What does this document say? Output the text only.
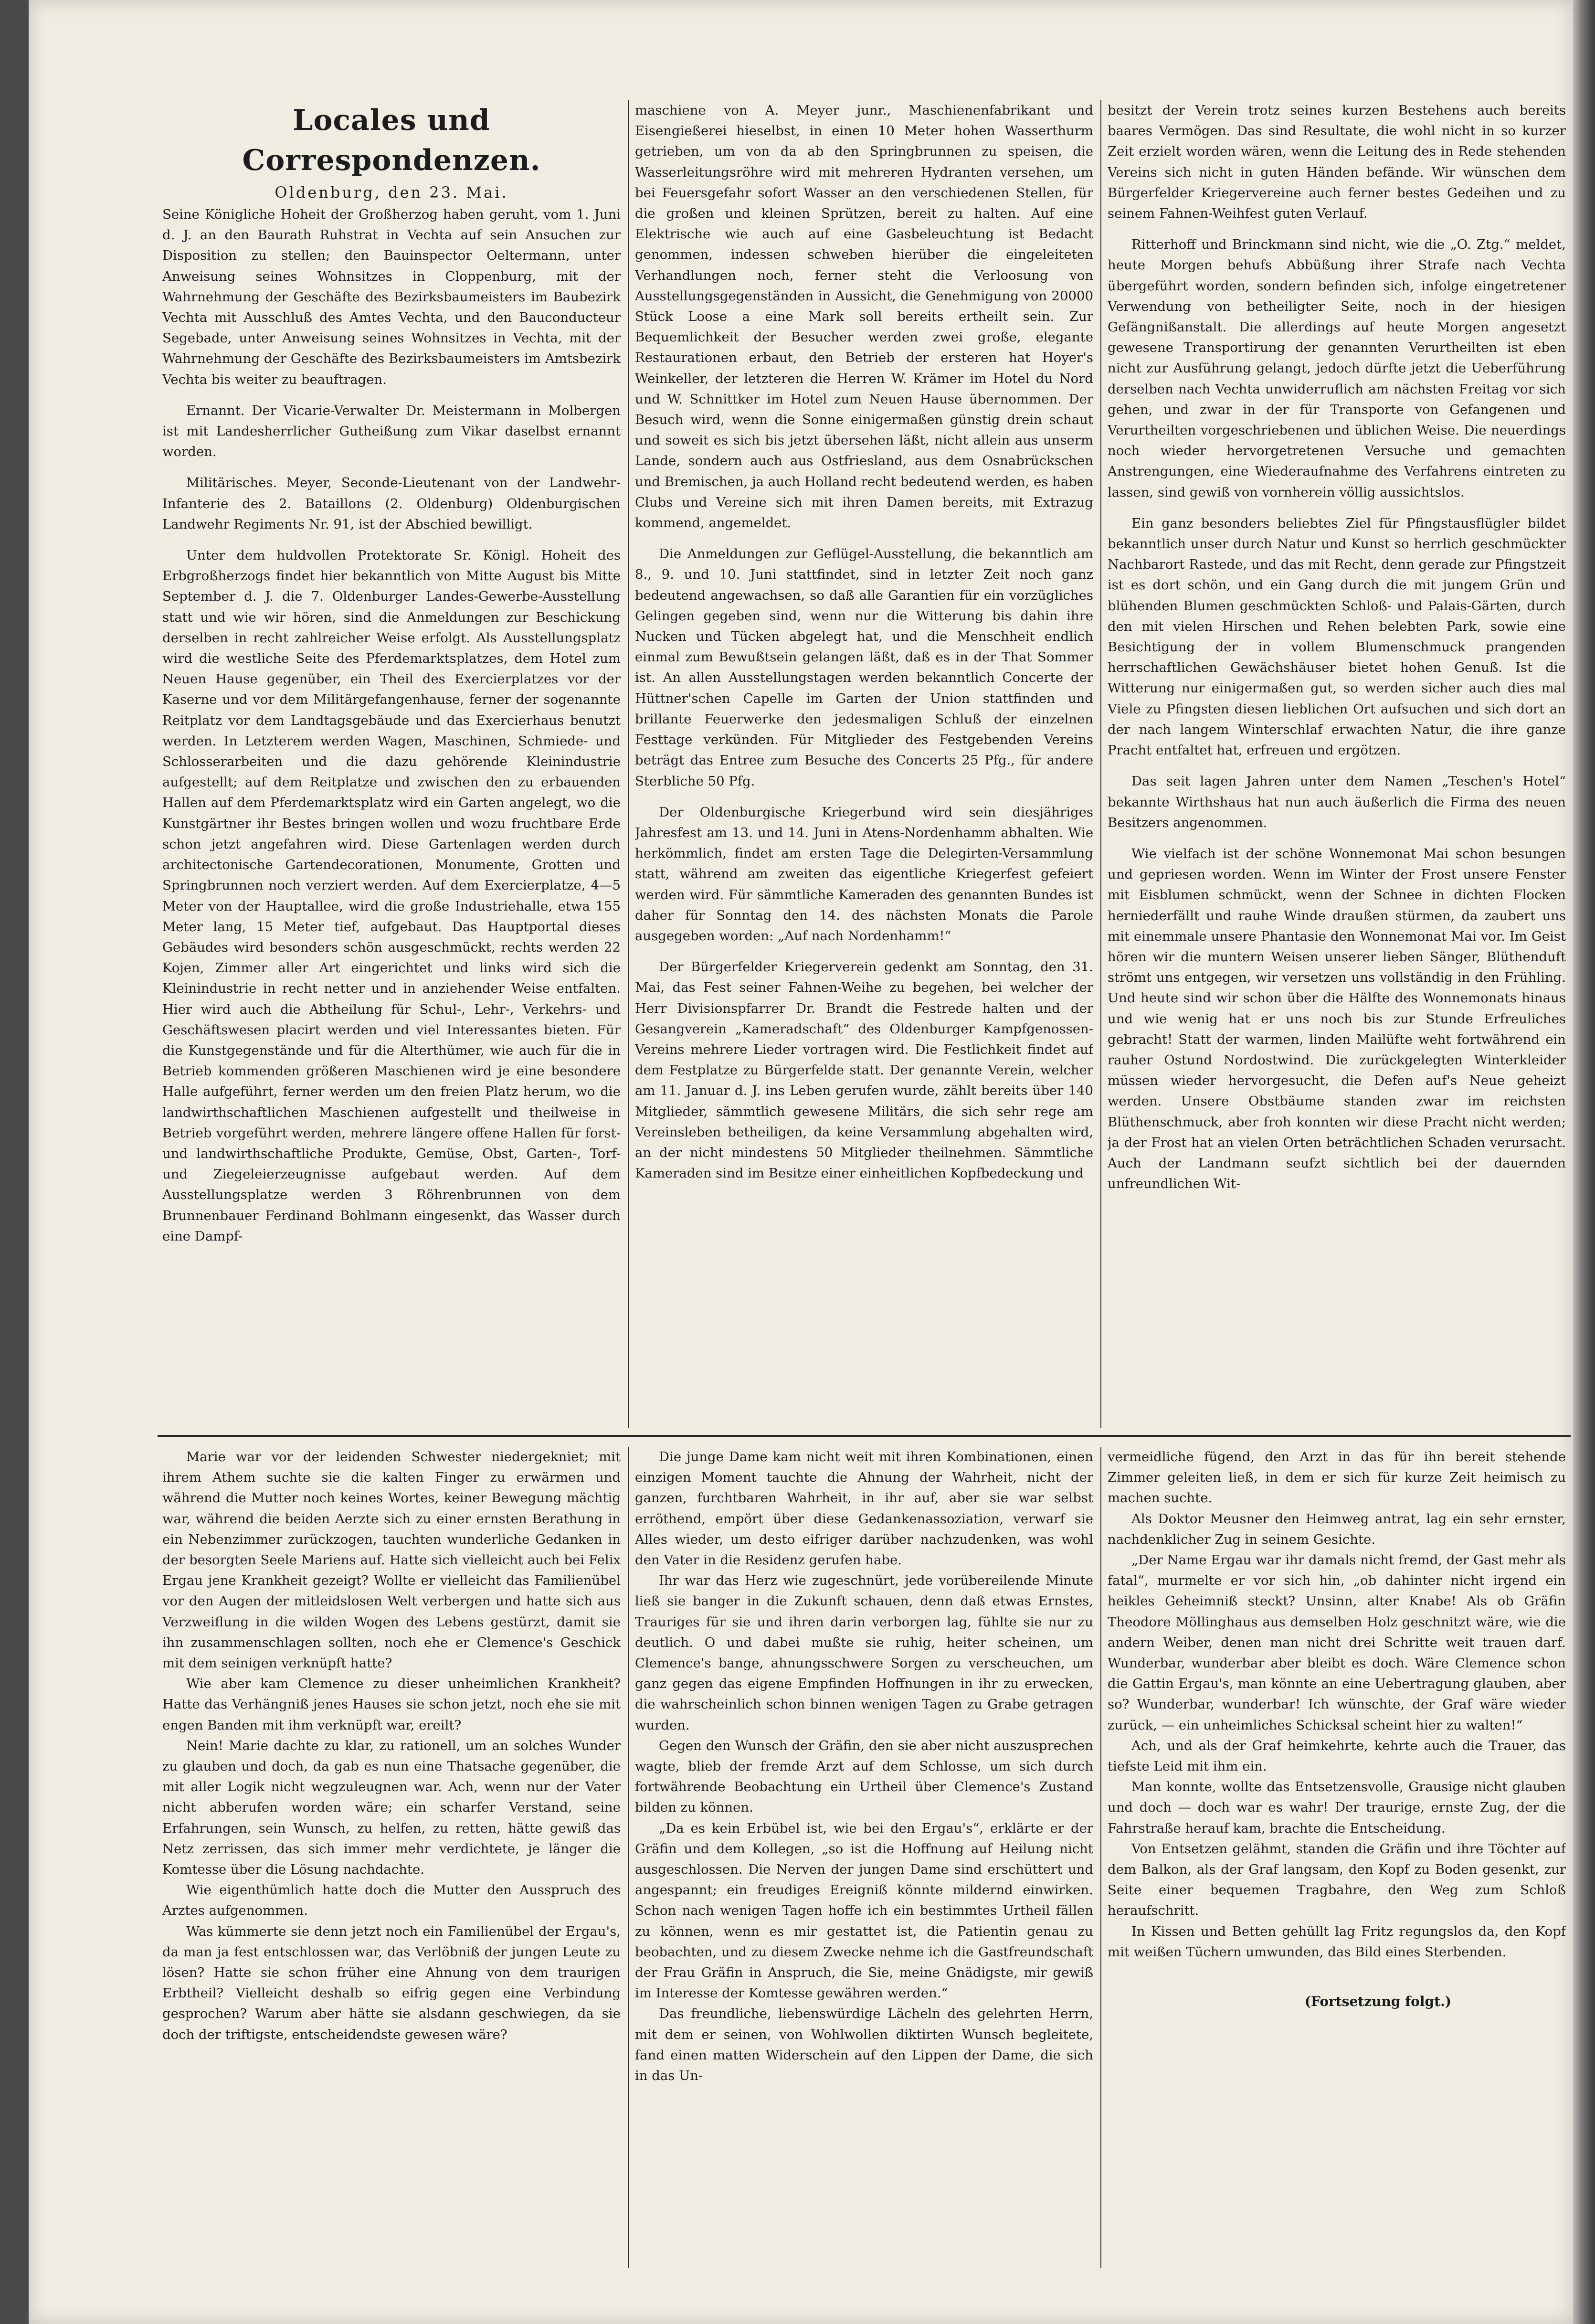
Locales und Correspondenzen.
Oldenburg, den 23. Mai.

Seine Königliche Hoheit der Großherzog haben geruht, vom 1. Juni d. J. an den Baurath Ruhstrat in Vechta auf sein Ansuchen zur Disposition zu stellen; den Bauinspector Oeltermann, unter Anweisung seines Wohnsitzes in Cloppenburg, mit der Wahrnehmung der Geschäfte des Bezirksbaumeisters im Baubezirk Vechta mit Ausschluß des Amtes Vechta, und den Bauconducteur Segebade, unter Anweisung seines Wohnsitzes in Vechta, mit der Wahrnehmung der Geschäfte des Bezirksbaumeisters im Amtsbezirk Vechta bis weiter zu beauftragen.

Ernannt. Der Vicarie-Verwalter Dr. Meistermann in Molbergen ist mit Landesherrlicher Gutheißung zum Vikar daselbst ernannt worden.

Militärisches. Meyer, Seconde-Lieutenant von der Landwehr-Infanterie des 2. Bataillons (2. Oldenburg) Oldenburgischen Landwehr Regiments Nr. 91, ist der Abschied bewilligt.

Unter dem huldvollen Protektorate Sr. Königl. Hoheit des Erbgroßherzogs findet hier bekanntlich von Mitte August bis Mitte September d. J. die 7. Oldenburger Landes-Gewerbe-Ausstellung statt und wie wir hören, sind die Anmeldungen zur Beschickung derselben in recht zahlreicher Weise erfolgt. Als Ausstellungsplatz wird die westliche Seite des Pferdemarktsplatzes, dem Hotel zum Neuen Hause gegenüber, ein Theil des Exercierplatzes vor der Kaserne und vor dem Militärgefangenhause, ferner der sogenannte Reitplatz vor dem Landtagsgebäude und das Exercierhaus benutzt werden. In Letzterem werden Wagen, Maschinen, Schmiede- und Schlosserarbeiten und die dazu gehörende Kleinindustrie aufgestellt; auf dem Reitplatze und zwischen den zu erbauenden Hallen auf dem Pferdemarktsplatz wird ein Garten angelegt, wo die Kunstgärtner ihr Bestes bringen wollen und wozu fruchtbare Erde schon jetzt angefahren wird. Diese Gartenlagen werden durch architectonische Gartendecorationen, Monumente, Grotten und Springbrunnen noch verziert werden. Auf dem Exercierplatze, 4—5 Meter von der Hauptallee, wird die große Industriehalle, etwa 155 Meter lang, 15 Meter tief, aufgebaut. Das Hauptportal dieses Gebäudes wird besonders schön ausgeschmückt, rechts werden 22 Kojen, Zimmer aller Art eingerichtet und links wird sich die Kleinindustrie in recht netter und in anziehender Weise entfalten. Hier wird auch die Abtheilung für Schul-, Lehr-, Verkehrs- und Geschäftswesen placirt werden und viel Interessantes bieten. Für die Kunstgegenstände und für die Alterthümer, wie auch für die in Betrieb kommenden größeren Maschienen wird je eine besondere Halle aufgeführt, ferner werden um den freien Platz herum, wo die landwirthschaftlichen Maschienen aufgestellt und theilweise in Betrieb vorgeführt werden, mehrere längere offene Hallen für forst- und landwirthschaftliche Produkte, Gemüse, Obst, Garten-, Torf- und Ziegeleierzeugnisse aufgebaut werden. Auf dem Ausstellungsplatze werden 3 Röhrenbrunnen von dem Brunnenbauer Ferdinand Bohlmann eingesenkt, das Wasser durch eine Dampf-

maschiene von A. Meyer junr., Maschienenfabrikant und Eisengießerei hieselbst, in einen 10 Meter hohen Wasserthurm getrieben, um von da ab den Springbrunnen zu speisen, die Wasserleitungsröhre wird mit mehreren Hydranten versehen, um bei Feuersgefahr sofort Wasser an den verschiedenen Stellen, für die großen und kleinen Sprützen, bereit zu halten. Auf eine Elektrische wie auch auf eine Gasbeleuchtung ist Bedacht genommen, indessen schweben hierüber die eingeleiteten Verhandlungen noch, ferner steht die Verloosung von Ausstellungsgegenständen in Aussicht, die Genehmigung von 20000 Stück Loose a eine Mark soll bereits ertheilt sein. Zur Bequemlichkeit der Besucher werden zwei große, elegante Restaurationen erbaut, den Betrieb der ersteren hat Hoyer's Weinkeller, der letzteren die Herren W. Krämer im Hotel du Nord und W. Schnittker im Hotel zum Neuen Hause übernommen. Der Besuch wird, wenn die Sonne einigermaßen günstig drein schaut und soweit es sich bis jetzt übersehen läßt, nicht allein aus unserm Lande, sondern auch aus Ostfriesland, aus dem Osnabrückschen und Bremischen, ja auch Holland recht bedeutend werden, es haben Clubs und Vereine sich mit ihren Damen bereits, mit Extrazug kommend, angemeldet.

Die Anmeldungen zur Geflügel-Ausstellung, die bekanntlich am 8., 9. und 10. Juni stattfindet, sind in letzter Zeit noch ganz bedeutend angewachsen, so daß alle Garantien für ein vorzügliches Gelingen gegeben sind, wenn nur die Witterung bis dahin ihre Nucken und Tücken abgelegt hat, und die Menschheit endlich einmal zum Bewußtsein gelangen läßt, daß es in der That Sommer ist. An allen Ausstellungstagen werden bekanntlich Concerte der Hüttner'schen Capelle im Garten der Union stattfinden und brillante Feuerwerke den jedesmaligen Schluß der einzelnen Festtage verkünden. Für Mitglieder des Festgebenden Vereins beträgt das Entree zum Besuche des Concerts 25 Pfg., für andere Sterbliche 50 Pfg.

Der Oldenburgische Kriegerbund wird sein diesjähriges Jahresfest am 13. und 14. Juni in Atens-Nordenhamm abhalten. Wie herkömmlich, findet am ersten Tage die Delegirten-Versammlung statt, während am zweiten das eigentliche Kriegerfest gefeiert werden wird. Für sämmtliche Kameraden des genannten Bundes ist daher für Sonntag den 14. des nächsten Monats die Parole ausgegeben worden: „Auf nach Nordenhamm!“

Der Bürgerfelder Kriegerverein gedenkt am Sonntag, den 31. Mai, das Fest seiner Fahnen-Weihe zu begehen, bei welcher der Herr Divisionspfarrer Dr. Brandt die Festrede halten und der Gesangverein „Kameradschaft“ des Oldenburger Kampfgenossen-Vereins mehrere Lieder vortragen wird. Die Festlichkeit findet auf dem Festplatze zu Bürgerfelde statt. Der genannte Verein, welcher am 11. Januar d. J. ins Leben gerufen wurde, zählt bereits über 140 Mitglieder, sämmtlich gewesene Militärs, die sich sehr rege am Vereinsleben betheiligen, da keine Versammlung abgehalten wird, an der nicht mindestens 50 Mitglieder theilnehmen. Sämmtliche Kameraden sind im Besitze einer einheitlichen Kopfbedeckung und

besitzt der Verein trotz seines kurzen Bestehens auch bereits baares Vermögen. Das sind Resultate, die wohl nicht in so kurzer Zeit erzielt worden wären, wenn die Leitung des in Rede stehenden Vereins sich nicht in guten Händen befände. Wir wünschen dem Bürgerfelder Kriegervereine auch ferner bestes Gedeihen und zu seinem Fahnen-Weihfest guten Verlauf.

Ritterhoff und Brinckmann sind nicht, wie die „O. Ztg.“ meldet, heute Morgen behufs Abbüßung ihrer Strafe nach Vechta übergeführt worden, sondern befinden sich, infolge eingetretener Verwendung von betheiligter Seite, noch in der hiesigen Gefängnißanstalt. Die allerdings auf heute Morgen angesetzt gewesene Transportirung der genannten Verurtheilten ist eben nicht zur Ausführung gelangt, jedoch dürfte jetzt die Ueberführung derselben nach Vechta unwiderruflich am nächsten Freitag vor sich gehen, und zwar in der für Transporte von Gefangenen und Verurtheilten vorgeschriebenen und üblichen Weise. Die neuerdings noch wieder hervorgetretenen Versuche und gemachten Anstrengungen, eine Wiederaufnahme des Verfahrens eintreten zu lassen, sind gewiß von vornherein völlig aussichtslos.

Ein ganz besonders beliebtes Ziel für Pfingstausflügler bildet bekanntlich unser durch Natur und Kunst so herrlich geschmückter Nachbarort Rastede, und das mit Recht, denn gerade zur Pfingstzeit ist es dort schön, und ein Gang durch die mit jungem Grün und blühenden Blumen geschmückten Schloß- und Palais-Gärten, durch den mit vielen Hirschen und Rehen belebten Park, sowie eine Besichtigung der in vollem Blumenschmuck prangenden herrschaftlichen Gewächshäuser bietet hohen Genuß. Ist die Witterung nur einigermaßen gut, so werden sicher auch dies mal Viele zu Pfingsten diesen lieblichen Ort aufsuchen und sich dort an der nach langem Winterschlaf erwachten Natur, die ihre ganze Pracht entfaltet hat, erfreuen und ergötzen.

Das seit lagen Jahren unter dem Namen „Teschen's Hotel“ bekannte Wirthshaus hat nun auch äußerlich die Firma des neuen Besitzers angenommen.

Wie vielfach ist der schöne Wonnemonat Mai schon besungen und gepriesen worden. Wenn im Winter der Frost unsere Fenster mit Eisblumen schmückt, wenn der Schnee in dichten Flocken herniederfällt und rauhe Winde draußen stürmen, da zaubert uns mit einemmale unsere Phantasie den Wonnemonat Mai vor. Im Geist hören wir die muntern Weisen unserer lieben Sänger, Blüthenduft strömt uns entgegen, wir versetzen uns vollständig in den Frühling. Und heute sind wir schon über die Hälfte des Wonnemonats hinaus und wie wenig hat er uns noch bis zur Stunde Erfreuliches gebracht! Statt der warmen, linden Mailüfte weht fortwährend ein rauher Ostund Nordostwind. Die zurückgelegten Winterkleider müssen wieder hervorgesucht, die Defen auf's Neue geheizt werden. Unsere Obstbäume standen zwar im reichsten Blüthenschmuck, aber froh konnten wir diese Pracht nicht werden; ja der Frost hat an vielen Orten beträchtlichen Schaden verursacht. Auch der Landmann seufzt sichtlich bei der dauernden unfreundlichen Wit-

Marie war vor der leidenden Schwester niedergekniet; mit ihrem Athem suchte sie die kalten Finger zu erwärmen und während die Mutter noch keines Wortes, keiner Bewegung mächtig war, während die beiden Aerzte sich zu einer ernsten Berathung in ein Nebenzimmer zurückzogen, tauchten wunderliche Gedanken in der besorgten Seele Mariens auf. Hatte sich vielleicht auch bei Felix Ergau jene Krankheit gezeigt? Wollte er vielleicht das Familienübel vor den Augen der mitleidslosen Welt verbergen und hatte sich aus Verzweiflung in die wilden Wogen des Lebens gestürzt, damit sie ihn zusammenschlagen sollten, noch ehe er Clemence's Geschick mit dem seinigen verknüpft hatte?

Wie aber kam Clemence zu dieser unheimlichen Krankheit? Hatte das Verhängniß jenes Hauses sie schon jetzt, noch ehe sie mit engen Banden mit ihm verknüpft war, ereilt?

Nein! Marie dachte zu klar, zu rationell, um an solches Wunder zu glauben und doch, da gab es nun eine Thatsache gegenüber, die mit aller Logik nicht wegzuleugnen war. Ach, wenn nur der Vater nicht abberufen worden wäre; ein scharfer Verstand, seine Erfahrungen, sein Wunsch, zu helfen, zu retten, hätte gewiß das Netz zerrissen, das sich immer mehr verdichtete, je länger die Komtesse über die Lösung nachdachte.

Wie eigenthümlich hatte doch die Mutter den Ausspruch des Arztes aufgenommen.

Was kümmerte sie denn jetzt noch ein Familienübel der Ergau's, da man ja fest entschlossen war, das Verlöbniß der jungen Leute zu lösen? Hatte sie schon früher eine Ahnung von dem traurigen Erbtheil? Vielleicht deshalb so eifrig gegen eine Verbindung gesprochen? Warum aber hätte sie alsdann geschwiegen, da sie doch der triftigste, entscheidendste gewesen wäre?

Die junge Dame kam nicht weit mit ihren Kombinationen, einen einzigen Moment tauchte die Ahnung der Wahrheit, nicht der ganzen, furchtbaren Wahrheit, in ihr auf, aber sie war selbst erröthend, empört über diese Gedankenassoziation, verwarf sie Alles wieder, um desto eifriger darüber nachzudenken, was wohl den Vater in die Residenz gerufen habe.

Ihr war das Herz wie zugeschnürt, jede vorübereilende Minute ließ sie banger in die Zukunft schauen, denn daß etwas Ernstes, Trauriges für sie und ihren darin verborgen lag, fühlte sie nur zu deutlich. O und dabei mußte sie ruhig, heiter scheinen, um Clemence's bange, ahnungsschwere Sorgen zu verscheuchen, um ganz gegen das eigene Empfinden Hoffnungen in ihr zu erwecken, die wahrscheinlich schon binnen wenigen Tagen zu Grabe getragen wurden.

Gegen den Wunsch der Gräfin, den sie aber nicht auszusprechen wagte, blieb der fremde Arzt auf dem Schlosse, um sich durch fortwährende Beobachtung ein Urtheil über Clemence's Zustand bilden zu können.

„Da es kein Erbübel ist, wie bei den Ergau's“, erklärte er der Gräfin und dem Kollegen, „so ist die Hoffnung auf Heilung nicht ausgeschlossen. Die Nerven der jungen Dame sind erschüttert und angespannt; ein freudiges Ereigniß könnte mildernd einwirken. Schon nach wenigen Tagen hoffe ich ein bestimmtes Urtheil fällen zu können, wenn es mir gestattet ist, die Patientin genau zu beobachten, und zu diesem Zwecke nehme ich die Gastfreundschaft der Frau Gräfin in Anspruch, die Sie, meine Gnädigste, mir gewiß im Interesse der Komtesse gewähren werden.“

Das freundliche, liebenswürdige Lächeln des gelehrten Herrn, mit dem er seinen, von Wohlwollen diktirten Wunsch begleitete, fand einen matten Widerschein auf den Lippen der Dame, die sich in das Un-

vermeidliche fügend, den Arzt in das für ihn bereit stehende Zimmer geleiten ließ, in dem er sich für kurze Zeit heimisch zu machen suchte.

Als Doktor Meusner den Heimweg antrat, lag ein sehr ernster, nachdenklicher Zug in seinem Gesichte.

„Der Name Ergau war ihr damals nicht fremd, der Gast mehr als fatal“, murmelte er vor sich hin, „ob dahinter nicht irgend ein heikles Geheimniß steckt? Unsinn, alter Knabe! Als ob Gräfin Theodore Möllinghaus aus demselben Holz geschnitzt wäre, wie die andern Weiber, denen man nicht drei Schritte weit trauen darf. Wunderbar, wunderbar aber bleibt es doch. Wäre Clemence schon die Gattin Ergau's, man könnte an eine Uebertragung glauben, aber so? Wunderbar, wunderbar! Ich wünschte, der Graf wäre wieder zurück, — ein unheimliches Schicksal scheint hier zu walten!“

Ach, und als der Graf heimkehrte, kehrte auch die Trauer, das tiefste Leid mit ihm ein.

Man konnte, wollte das Entsetzensvolle, Grausige nicht glauben und doch — doch war es wahr! Der traurige, ernste Zug, der die Fahrstraße herauf kam, brachte die Entscheidung.

Von Entsetzen gelähmt, standen die Gräfin und ihre Töchter auf dem Balkon, als der Graf langsam, den Kopf zu Boden gesenkt, zur Seite einer bequemen Tragbahre, den Weg zum Schloß heraufschritt.

In Kissen und Betten gehüllt lag Fritz regungslos da, den Kopf mit weißen Tüchern umwunden, das Bild eines Sterbenden.

(Fortsetzung folgt.)
